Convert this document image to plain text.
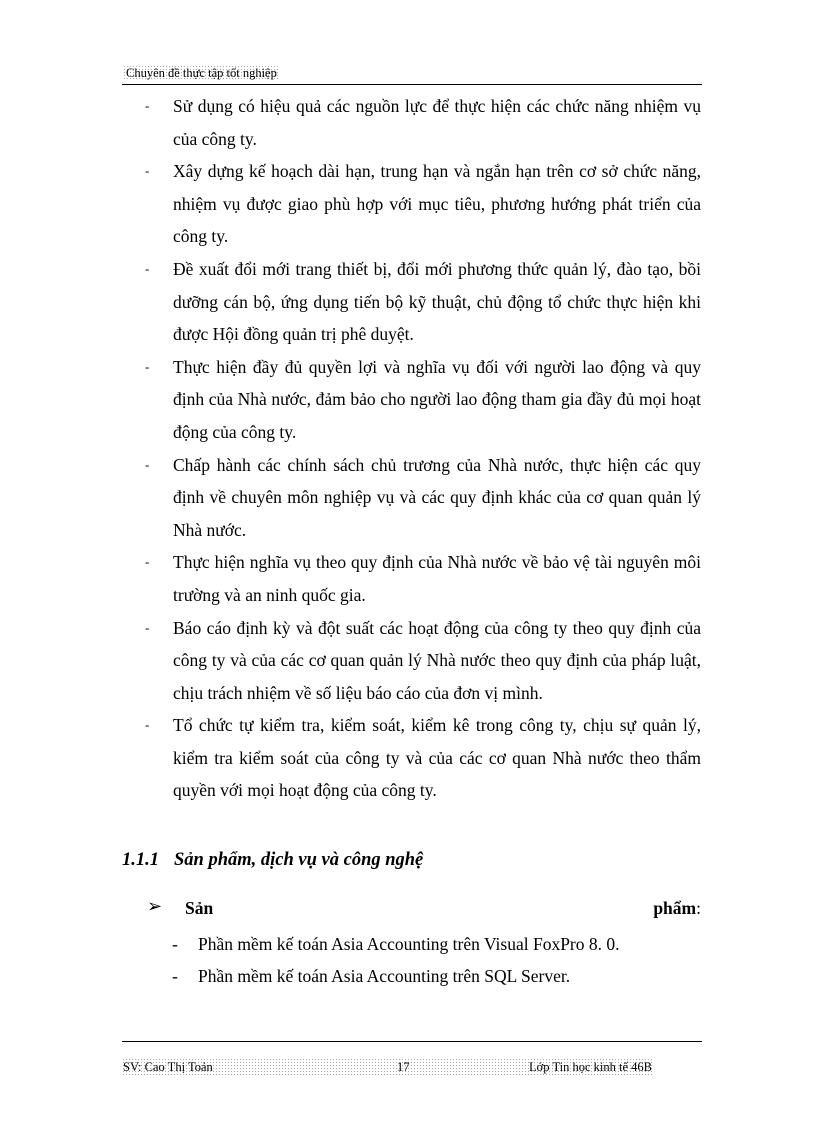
Chuyên đề thực tập tốt nghiệp
- Sử dụng có hiệu quả các nguồn lực để thực hiện các chức năng nhiệm vụ của công ty.
- Xây dựng kế hoạch dài hạn, trung hạn và ngắn hạn trên cơ sở chức năng, nhiệm vụ được giao phù hợp với mục tiêu, phương hướng phát triển của công ty.
- Đề xuất đổi mới trang thiết bị, đổi mới phương thức quản lý, đào tạo, bồi dưỡng cán bộ, ứng dụng tiến bộ kỹ thuật, chủ động tổ chức thực hiện khi được Hội đồng quản trị phê duyệt.
- Thực hiện đầy đủ quyền lợi và nghĩa vụ đối với người lao động và quy định của Nhà nước, đảm bảo cho người lao động tham gia đầy đủ mọi hoạt động của công ty.
- Chấp hành các chính sách chủ trương của Nhà nước, thực hiện các quy định về chuyên môn nghiệp vụ và các quy định khác của cơ quan quản lý Nhà nước.
- Thực hiện nghĩa vụ theo quy định của Nhà nước về bảo vệ tài nguyên môi trường và an ninh quốc gia.
- Báo cáo định kỳ và đột suất các hoạt động của công ty theo quy định của công ty và của các cơ quan quản lý Nhà nước theo quy định của pháp luật, chịu trách nhiệm về số liệu báo cáo của đơn vị mình.
- Tổ chức tự kiểm tra, kiểm soát, kiểm kê trong công ty, chịu sự quản lý, kiểm tra kiểm soát của công ty và của các cơ quan Nhà nước theo thẩm quyền với mọi hoạt động của công ty.
1.1.1 Sản phẩm, dịch vụ và công nghệ
➢ Sản	phẩm:
- Phần mềm kế toán Asia Accounting trên Visual FoxPro 8. 0.
- Phần mềm kế toán Asia Accounting trên SQL Server.
SV: Cao Thị Toản	17	Lớp Tin học kinh tế 46B
